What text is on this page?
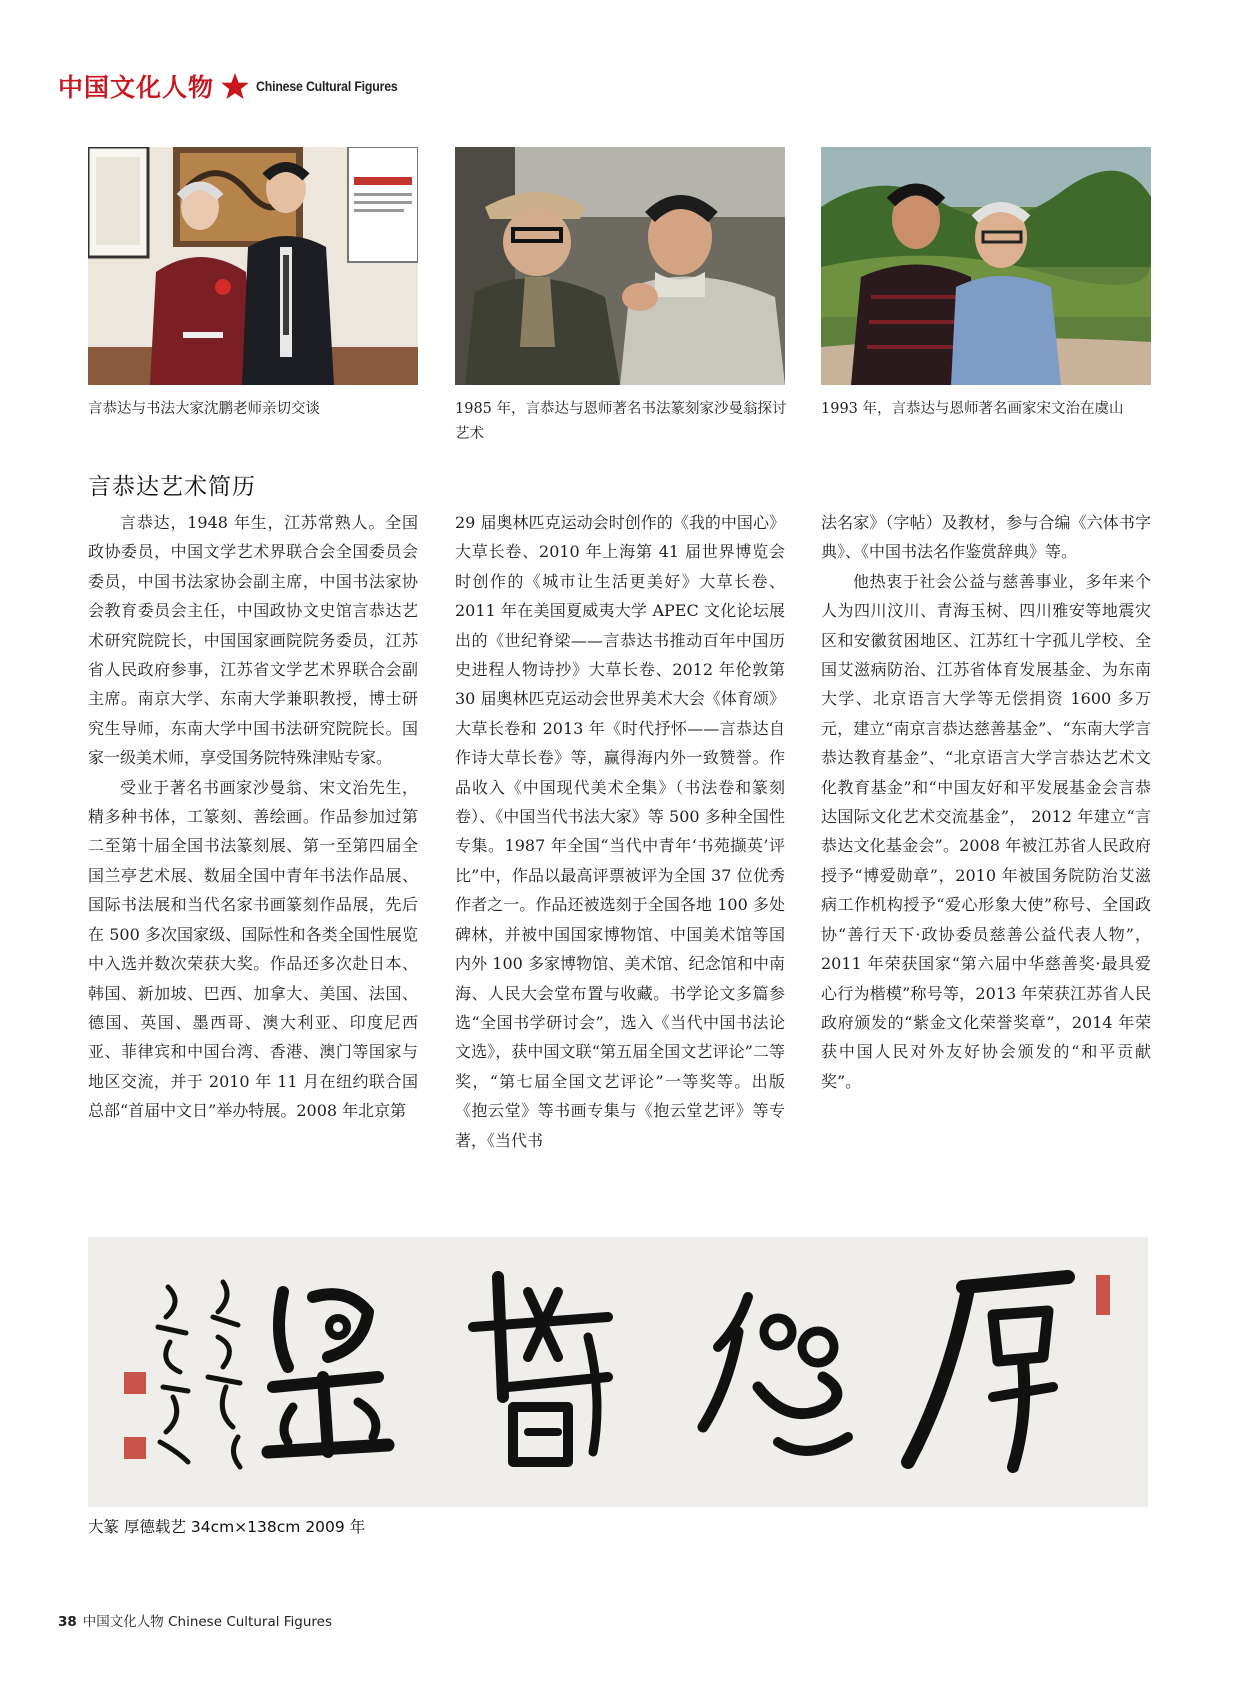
中国文化人物	Chinese Cultural Figures
言恭达与书法大家沈鹏老师亲切交谈	1985 年，言恭达与恩师著名书法篆刻家沙曼翁探讨艺术
1993 年，言恭达与恩师著名画家宋文治在虞山
言恭达艺术简历

言恭达，1948 年生，江苏常熟人。全国政协委员，中国文学艺术界联合会全国委员会委员，中国书法家协会副主席，中国书法家协会教育委员会主任，中国政协文史馆言恭达艺术研究院院长，中国国家画院院务委员，江苏省人民政府参事，江苏省文学艺术界联合会副主席。南京大学、东南大学兼职教授，博士研究生导师，东南大学中国书法研究院院长。国家一级美术师，享受国务院特殊津贴专家。

受业于著名书画家沙曼翁、宋文治先生，精多种书体，工篆刻、善绘画。作品参加过第二至第十届全国书法篆刻展、第一至第四届全国兰亭艺术展、数届全国中青年书法作品展、国际书法展和当代名家书画篆刻作品展，先后在 500 多次国家级、国际性和各类全国性展览中入选并数次荣获大奖。作品还多次赴日本、韩国、新加坡、巴西、加拿大、美国、法国、德国、英国、墨西哥、澳大利亚、印度尼西亚、菲律宾和中国台湾、香港、澳门等国家与地区交流，并于 2010 年 11 月在纽约联合国总部“首届中文日”举办特展。2008 年北京第

29 届奥林匹克运动会时创作的《我的中国心》大草长卷、2010 年上海第 41 届世界博览会时创作的《城市让生活更美好》大草长卷、2011 年在美国夏威夷大学 APEC 文化论坛展出的《世纪脊梁——言恭达书推动百年中国历史进程人物诗抄》大草长卷、2012 年伦敦第 30 届奥林匹克运动会世界美术大会《体育颂》大草长卷和 2013 年《时代抒怀——言恭达自作诗大草长卷》等，赢得海内外一致赞誉。作品收入《中国现代美术全集》（书法卷和篆刻卷）、《中国当代书法大家》等 500 多种全国性专集。1987 年全国“当代中青年‘书苑撷英’评比”中，作品以最高评票被评为全国 37 位优秀作者之一。作品还被选刻于全国各地 100 多处碑林，并被中国国家博物馆、中国美术馆等国内外 100 多家博物馆、美术馆、纪念馆和中南海、人民大会堂布置与收藏。书学论文多篇参选“全国书学研讨会”，选入《当代中国书法论文选》，获中国文联“第五届全国文艺评论”二等奖，“第七届全国文艺评论”一等奖等。出版《抱云堂》等书画专集与《抱云堂艺评》等专著，《当代书

法名家》（字帖）及教材，参与合编《六体书字典》、《中国书法名作鉴赏辞典》等。

他热衷于社会公益与慈善事业，多年来个人为四川汶川、青海玉树、四川雅安等地震灾区和安徽贫困地区、江苏红十字孤儿学校、全国艾滋病防治、江苏省体育发展基金、为东南大学、北京语言大学等无偿捐资 1600 多万元，建立“南京言恭达慈善基金”、“东南大学言恭达教育基金”、“北京语言大学言恭达艺术文化教育基金”和“中国友好和平发展基金会言恭达国际文化艺术交流基金”， 2012 年建立“言恭达文化基金会”。2008 年被江苏省人民政府授予“博爱勋章”，2010 年被国务院防治艾滋病工作机构授予“爱心形象大使”称号、全国政协“善行天下·政协委员慈善公益代表人物”，2011 年荣获国家“第六届中华慈善奖·最具爱心行为楷模”称号等，2013 年荣获江苏省人民政府颁发的“紫金文化荣誉奖章”，2014 年荣获中国人民对外友好协会颁发的“和平贡献奖”。

大篆 厚德载艺 34cm×138cm 2009 年
38 中国文化人物 Chinese Cultural Figures
